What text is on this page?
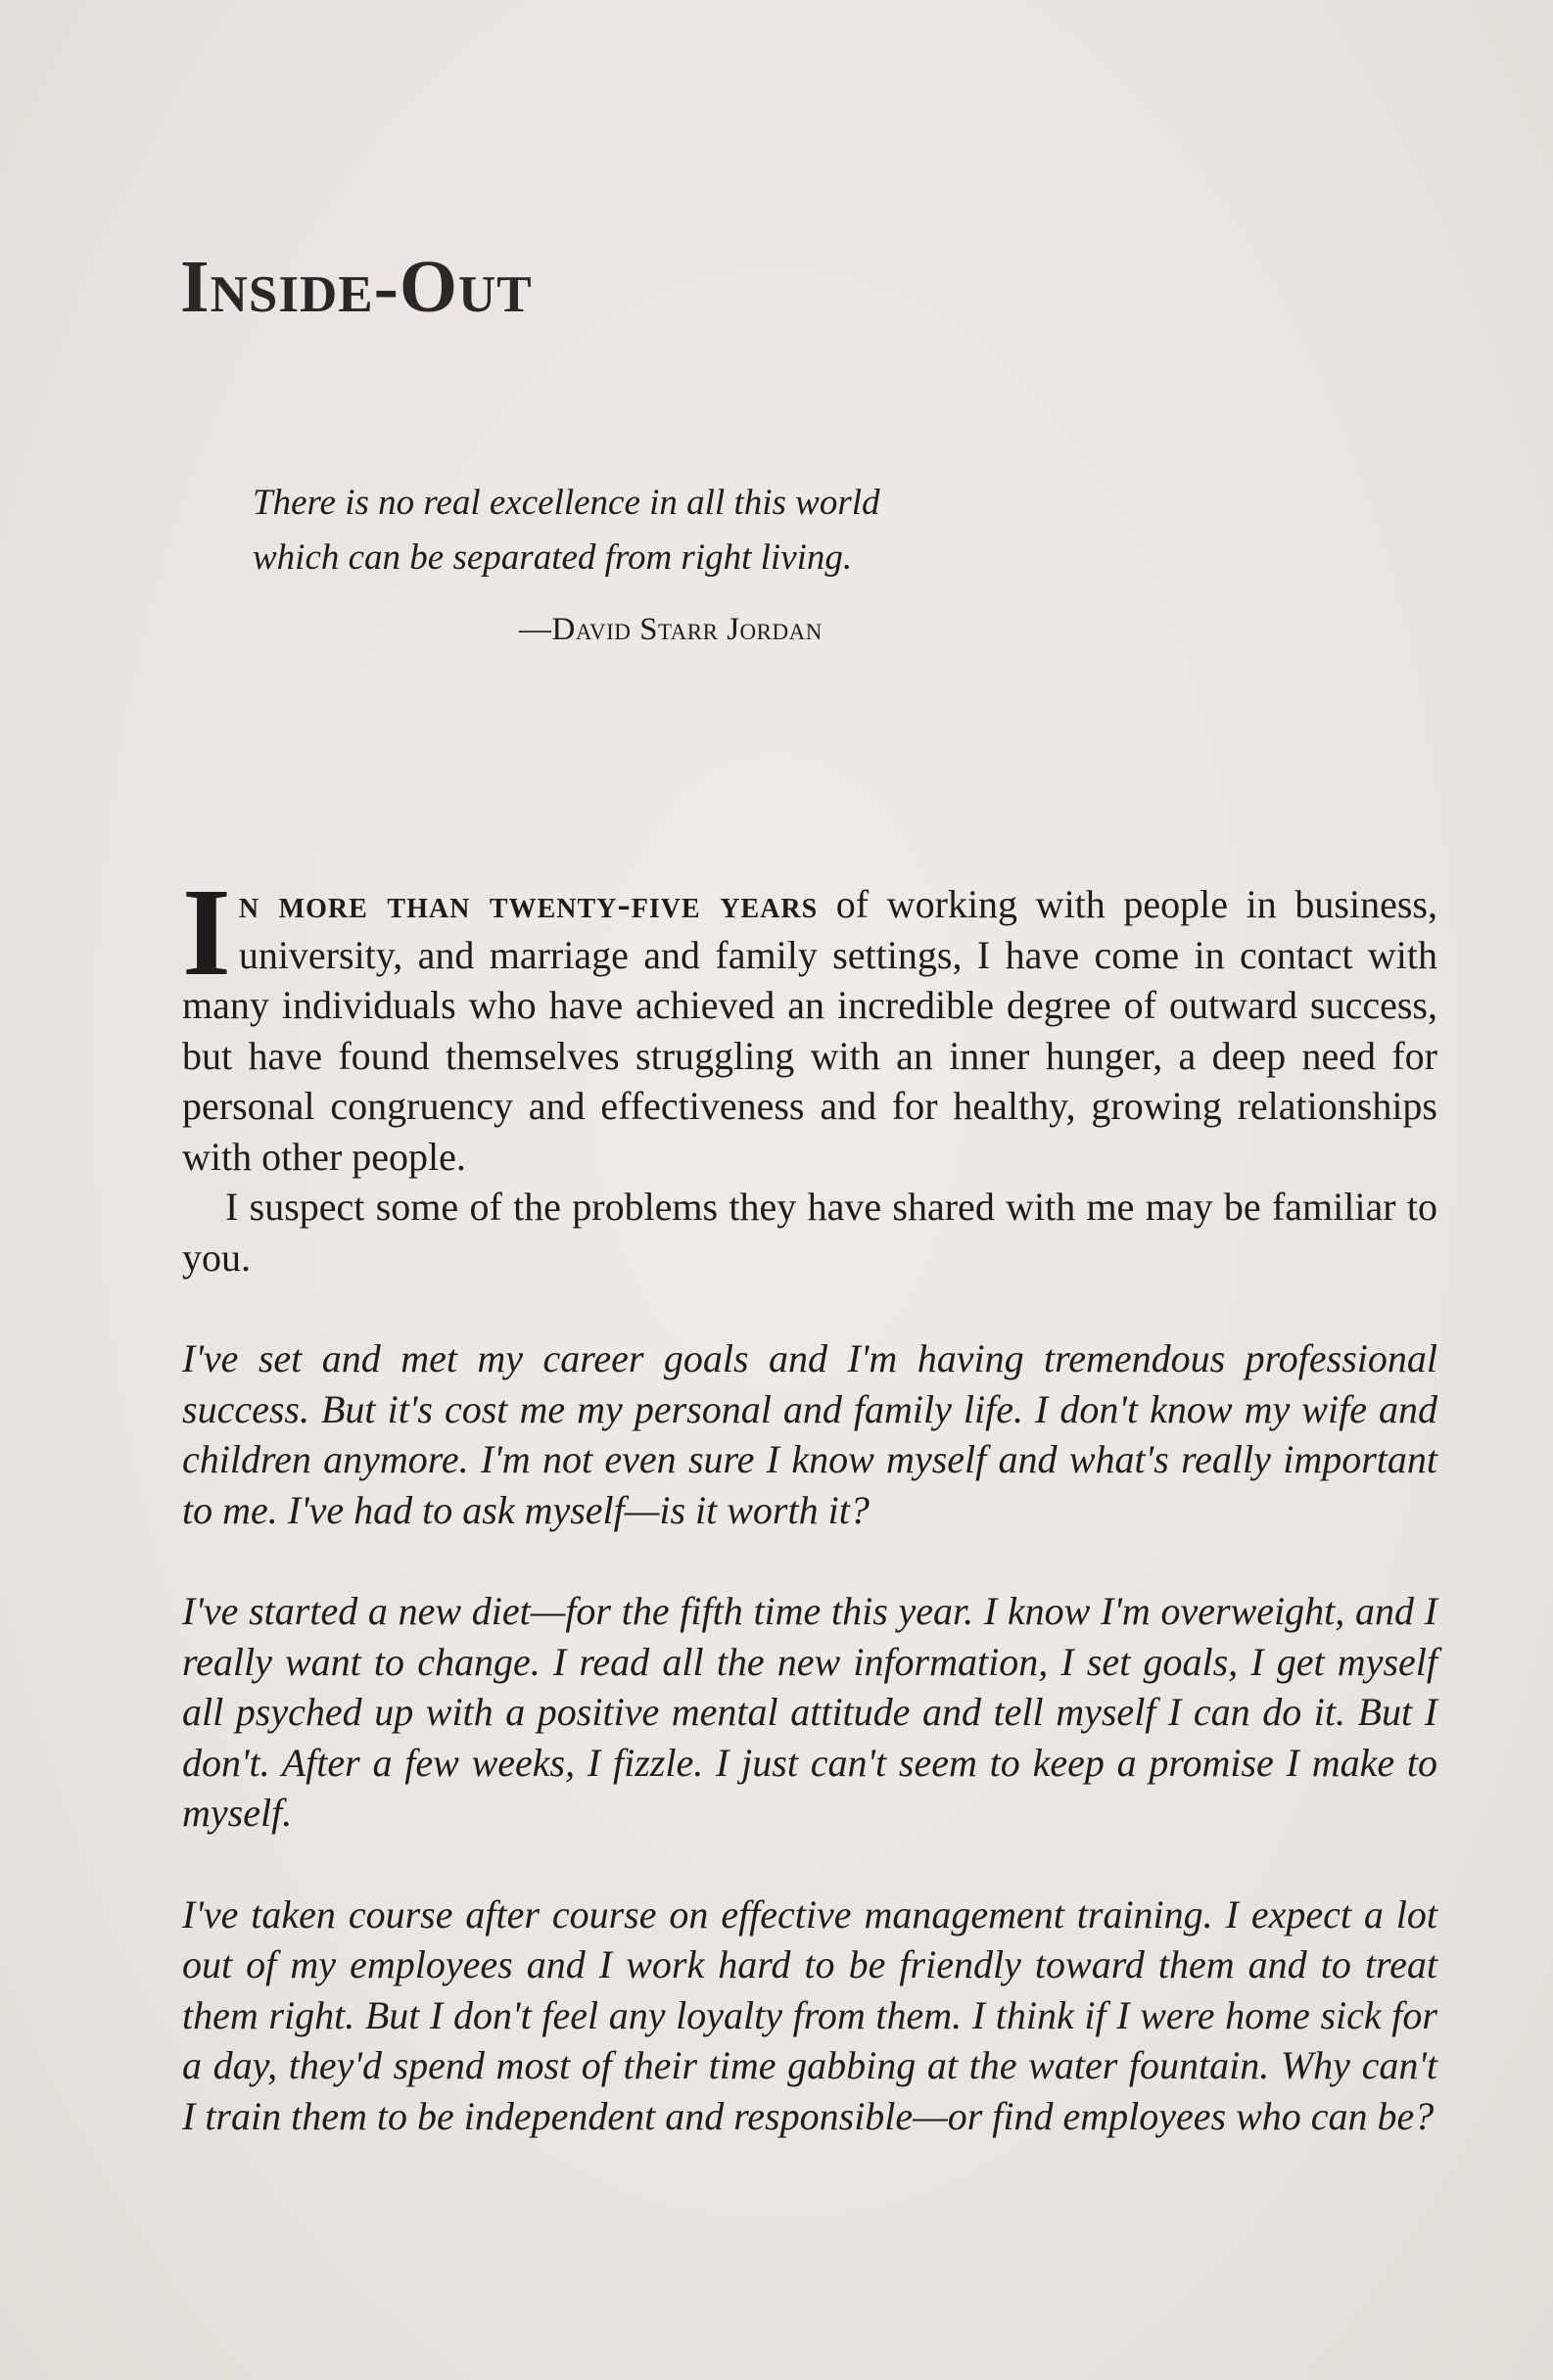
Inside-Out
There is no real excellence in all this world
which can be separated from right living.
—David Starr Jordan

In more than twenty-five years of working with people in business, university, and marriage and family settings, I have come in contact with many individuals who have achieved an incredible degree of outward success, but have found themselves struggling with an inner hunger, a deep need for personal congruency and effectiveness and for healthy, growing relationships with other people.

I suspect some of the problems they have shared with me may be familiar to you.

I've set and met my career goals and I'm having tremendous professional success. But it's cost me my personal and family life. I don't know my wife and children anymore. I'm not even sure I know myself and what's really important to me. I've had to ask myself—is it worth it?

I've started a new diet—for the fifth time this year. I know I'm overweight, and I really want to change. I read all the new information, I set goals, I get myself all psyched up with a positive mental attitude and tell myself I can do it. But I don't. After a few weeks, I fizzle. I just can't seem to keep a promise I make to myself.

I've taken course after course on effective management training. I expect a lot out of my employees and I work hard to be friendly toward them and to treat them right. But I don't feel any loyalty from them. I think if I were home sick for a day, they'd spend most of their time gabbing at the water fountain. Why can't I train them to be independent and responsible—or find employees who can be?
